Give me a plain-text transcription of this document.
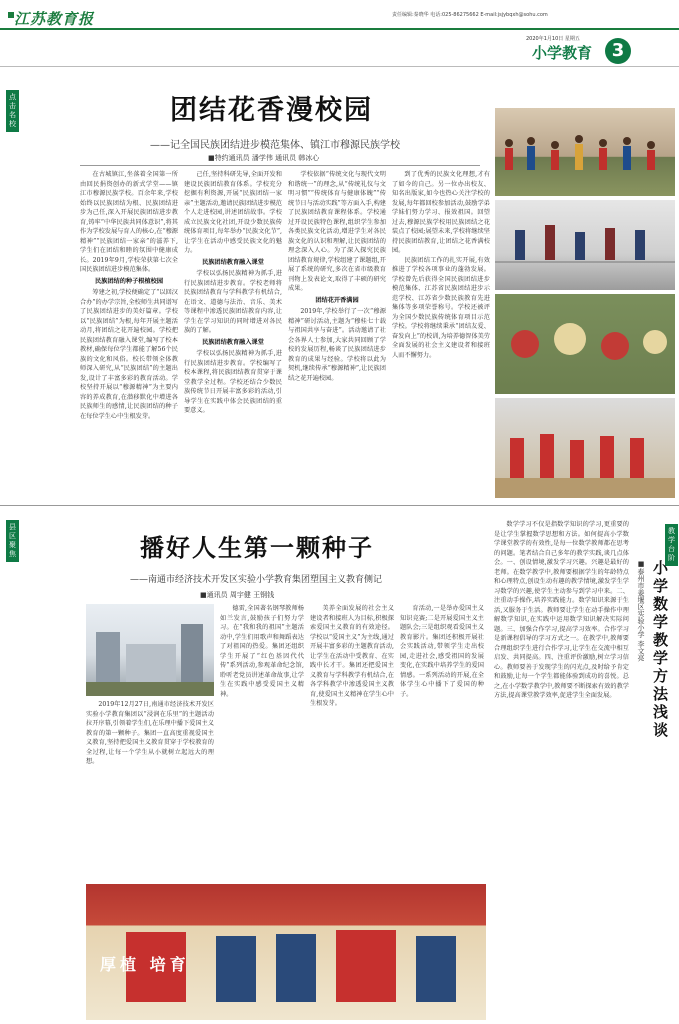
江苏教育报	责任编辑:秦晓华 电话:025-86275662 E-mail:jsjybqxh@sohu.com
小学教育	3
2020年1月10日 星期五
点击名校	团结花香漫校园
——记全国民族团结进步模范集体、镇江市穆源民族学校
■特约通讯员 潘学伟 通讯员 韩冰心

在古城镇江,坐落着全国第一所由回民捐资创办的新式学堂——镇江市穆源民族学校。百余年来,学校始终以民族团结为根、民族团结进步为己任,深入开展民族团结进步教育,铸牢“中华民族共同体意识”,将其作为学校发展与育人的核心,在“穆源精神”“民族团结一家亲”的滋养下,学生们在团结和睦的氛围中健康成长。2019年9月,学校荣获第七次全国民族团结进步模范集体。

民族团结的种子根植校园

筹建之初,学校便确定了“以回汉合办”的办学宗旨,全校师生共同谱写了民族团结进步的美好篇章。学校以“民族团结”为根,每年开展主题活动月,将团结之花开遍校园。学校把民族团结教育融入课堂,编写了校本教材,确保每位学生都能了解56个民族的文化和风俗。校长带领全体教师深入研究,从“民族团结”的主题出发,设计了丰富多彩的教育活动。学校坚持开展以“穆源精神”为主要内容的养成教育,在潜移默化中增进各民族师生的感情,让民族团结的种子在每位学生心中生根发芽。

己任,坚持科研先导,全面开发和建设民族团结教育体系。学校充分挖掘有利资源,开展“民族团结一家亲”主题活动,邀请民族团结进步模范个人走进校园,讲述团结故事。学校成立民族文化社团,开设少数民族传统体育项目,每年举办“民族文化节”,让学生在活动中感受民族文化的魅力。

民族团结教育融入课堂

学校以弘扬民族精神为抓手,进行民族团结进步教育。学校老师将民族团结教育与学科教学有机结合,在语文、道德与法治、音乐、美术等课程中渗透民族团结教育内容,让学生在学习知识的同时增进对各民族的了解。

民族团结教育融入课堂

学校以弘扬民族精神为抓手,进行民族团结进步教育。学校编写了校本课程,将民族团结教育贯穿于课堂教学全过程。学校还结合少数民族传统节日开展丰富多彩的活动,引导学生在实践中体会民族团结的重要意义。

学校依据“传统文化与现代文明和谐统一”的理念,从“传统礼仪与文明习惯”“传统体育与健康体魄”“传统节日与活动实践”等方面入手,构建了民族团结教育课程体系。学校通过开设民族特色课程,组织学生参加各类民族文化活动,增进学生对各民族文化的认识和理解,让民族团结的理念深入人心。为了深入探究民族团结教育规律,学校组建了课题组,开展了系统的研究,多次在省市级教育刊物上发表论文,取得了丰硕的研究成果。

团结花开香满园

2019年,学校举行了一次“穆源精神”研讨活动,主题为“穆桂七十载与祖国共享与奋进”。活动邀请了社会各界人士参加,大家共同回顾了学校的发展历程,畅谈了民族团结进步教育的成果与经验。学校将以此为契机,继续传承“穆源精神”,让民族团结之花开遍校园。

到了优秀的民族文化理想,才有了如今的自己。另一位办出校友、知名出版家,如今也热心关注学校的发展,每年都回校参加活动,鼓励学弟学妹们努力学习、报效祖国。回望过去,穆源民族学校用民族团结之花装点了校园;展望未来,学校将继续坚持民族团结教育,让团结之花香满校园。

民族团结工作的扎实开展,有效推进了学校各项事业的蓬勃发展。学校曾先后获得全国民族团结进步模范集体、江苏省民族团结进步示范学校、江苏省少数民族教育先进集体等多项荣誉称号。学校还被评为全国少数民族传统体育项目示范学校。学校将继续秉承“团结友爱、奋发向上”的校训,为培养德智体美劳全面发展的社会主义建设者和接班人而不懈努力。

县区聚焦	播好人生第一颗种子
——南通市经济技术开发区实验小学教育集团塑国主义教育侧记
■通讯员 周宇健 王钢钱

2019年12月27日,南通市经济技术开发区实验小学教育集团以“浸润在乐里”的主题活动拉开序幕,引领着学生们,在乐理中播下爱国主义教育的第一颗种子。集团一直高度重视爱国主义教育,坚持把爱国主义教育贯穿于学校教育的全过程,让每一个学生从小就树立起远大的理想。

德雷,全国著名钢琴教师杨如兰发言,鼓励孩子们努力学习。在“我和我的祖国”主题活动中,学生们用歌声和舞蹈表达了对祖国的热爱。集团还组织学生开展了“红色基因代代传”系列活动,参观革命纪念馆,聆听老党员讲述革命故事,让学生在实践中感受爱国主义精神。

美养全面发展的社会主义建设者和接班人为目标,积极探索爱国主义教育的有效途径。学校以“爱国主义”为主线,通过开展丰富多彩的主题教育活动,让学生在活动中受教育、在实践中长才干。集团还把爱国主义教育与学科教学有机结合,在各学科教学中渗透爱国主义教育,使爱国主义精神在学生心中生根发芽。

育活动,一是举办爱国主义知识竞赛;二是开展爱国主义主题队会;三是组织观看爱国主义教育影片。集团还积极开展社会实践活动,带领学生走出校园,走进社会,感受祖国的发展变化,在实践中培养学生的爱国情感。一系列活动的开展,在全体学生心中播下了爱国的种子。

厚植 培育
教学台阶
小学数学教学方法浅谈
■泰州市姜堰区实验小学 李文亮

数学学习不仅是指数学知识的学习,更重要的是让学生掌握数学思想和方法。如何提高小学数学课堂教学的有效性,是每一位数学教师都在思考的问题。笔者结合自己多年的教学实践,谈几点体会。一、创设情境,激发学习兴趣。兴趣是最好的老师。在数学教学中,教师要根据学生的年龄特点和心理特点,创设生动有趣的教学情境,激发学生学习数学的兴趣,使学生主动参与到学习中来。二、注重动手操作,培养实践能力。数学知识来源于生活,又服务于生活。教师要让学生在动手操作中理解数学知识,在实践中运用数学知识解决实际问题。三、加强合作学习,提高学习效率。合作学习是新课程倡导的学习方式之一。在教学中,教师要合理组织学生进行合作学习,让学生在交流中相互启发、共同提高。四、注重评价激励,树立学习信心。教师要善于发现学生的闪光点,及时给予肯定和鼓励,让每一个学生都能体验到成功的喜悦。总之,在小学数学教学中,教师要不断探索有效的教学方法,提高课堂教学效率,促进学生全面发展。
